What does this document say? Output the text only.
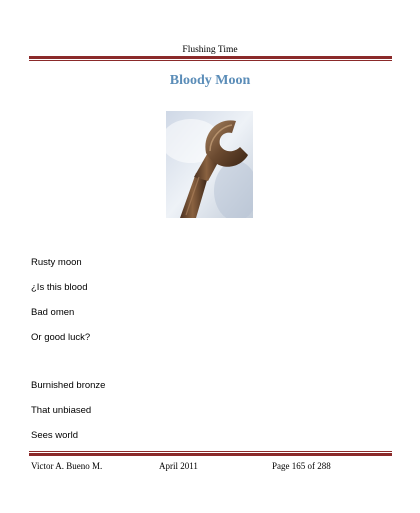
Flushing Time

Bloody Moon
Rusty moon
¿Is this blood
Bad omen
Or good luck?
Burnished bronze
That unbiased
Sees world
Victor A. Bueno M.	April 2011	Page 165 of 288
